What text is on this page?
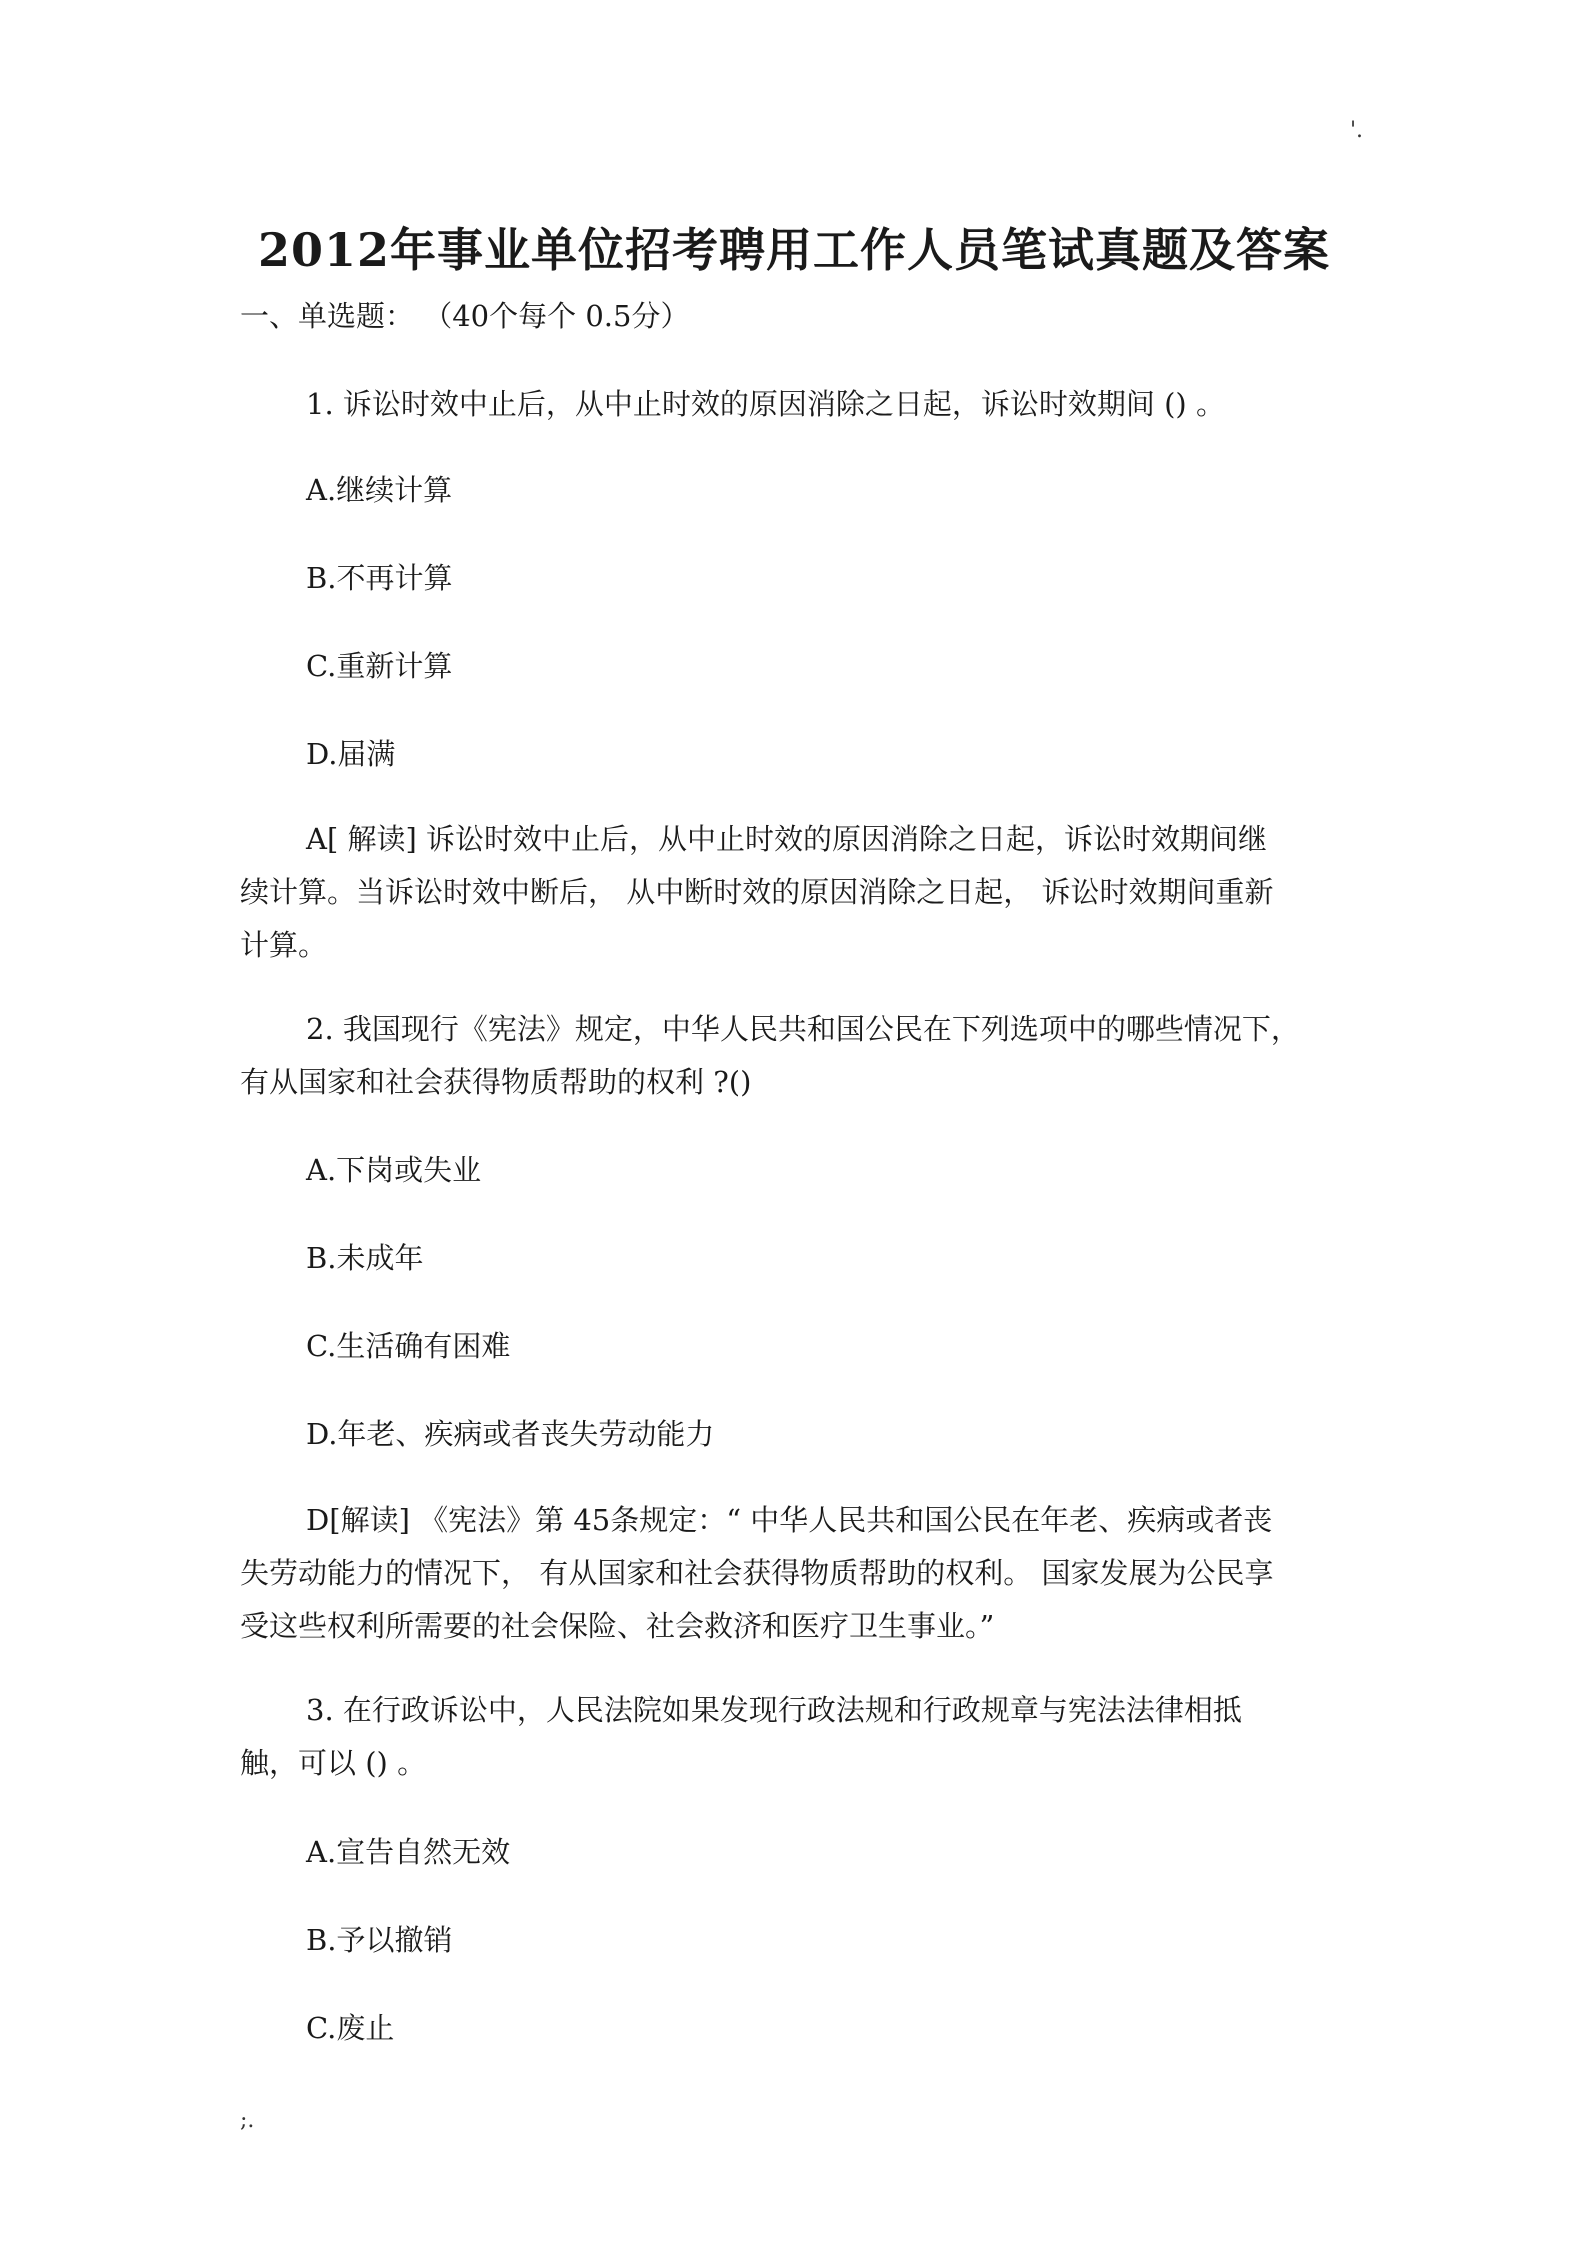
'.
2012年事业单位招考聘用工作人员笔试真题及答案
一、单选题： （40个每个 0.5分）
1. 诉讼时效中止后，从中止时效的原因消除之日起，诉讼时效期间 () 。
A.继续计算
B.不再计算
C.重新计算
D.届满
A[ 解读] 诉讼时效中止后，从中止时效的原因消除之日起，诉讼时效期间继
续计算。当诉讼时效中断后， 从中断时效的原因消除之日起， 诉讼时效期间重新
计算。
2. 我国现行《宪法》规定，中华人民共和国公民在下列选项中的哪些情况下，
有从国家和社会获得物质帮助的权利 ?()
A.下岗或失业
B.未成年
C.生活确有困难
D.年老、疾病或者丧失劳动能力
D[解读] 《宪法》第 45条规定：“ 中华人民共和国公民在年老、疾病或者丧
失劳动能力的情况下， 有从国家和社会获得物质帮助的权利。 国家发展为公民享
受这些权利所需要的社会保险、社会救济和医疗卫生事业。”
3. 在行政诉讼中，人民法院如果发现行政法规和行政规章与宪法法律相抵
触，可以 () 。
A.宣告自然无效
B.予以撤销
C.废止
;.
